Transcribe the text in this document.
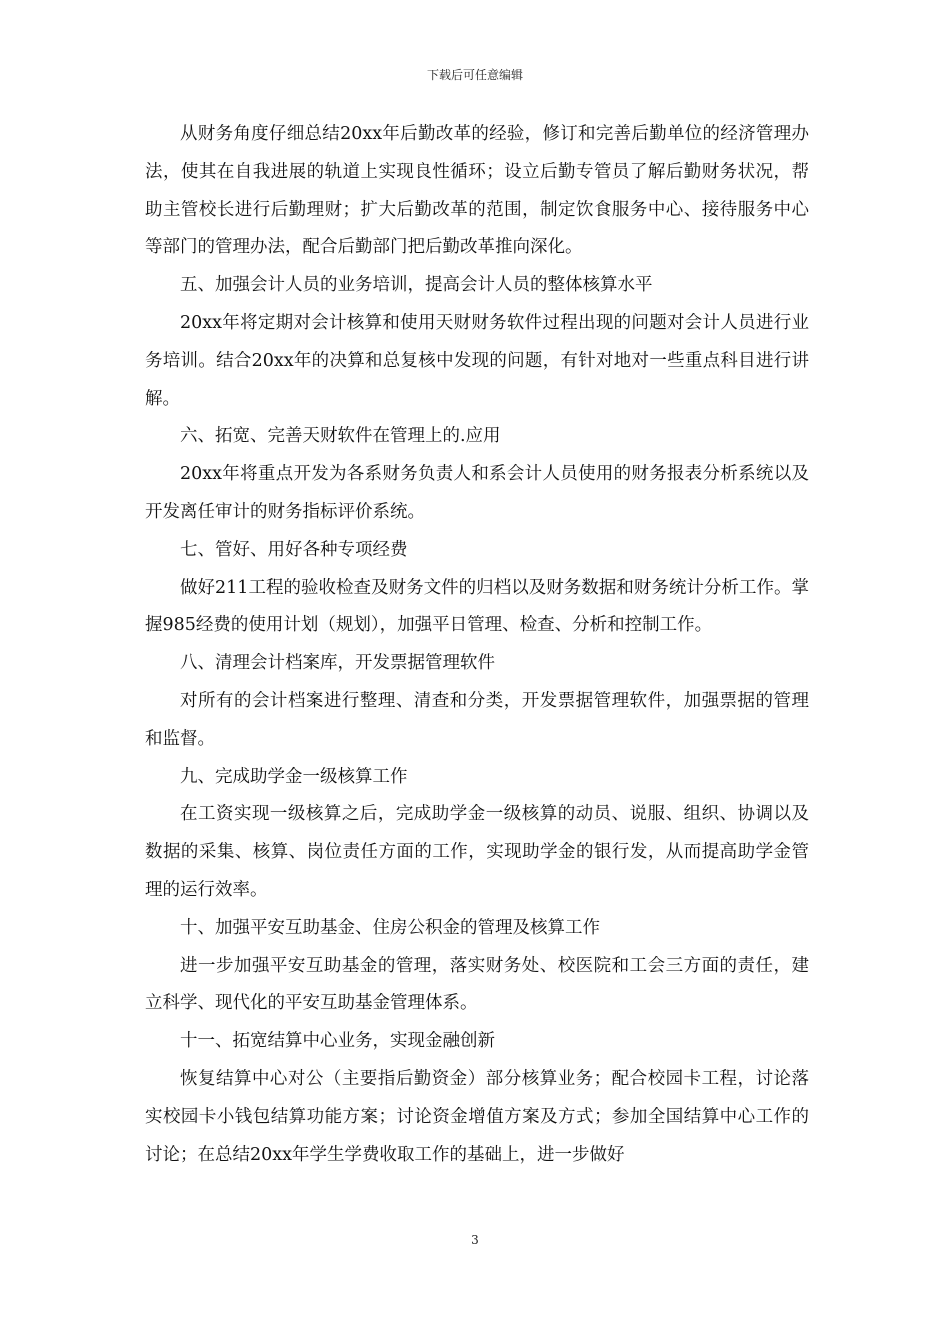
下载后可任意编辑

从财务角度仔细总结20xx年后勤改革的经验，修订和完善后勤单位的经济管理办法，使其在自我进展的轨道上实现良性循环；设立后勤专管员了解后勤财务状况，帮助主管校长进行后勤理财；扩大后勤改革的范围，制定饮食服务中心、接待服务中心等部门的管理办法，配合后勤部门把后勤改革推向深化。

五、加强会计人员的业务培训，提高会计人员的整体核算水平

20xx年将定期对会计核算和使用天财财务软件过程出现的问题对会计人员进行业务培训。结合20xx年的决算和总复核中发现的问题，有针对地对一些重点科目进行讲解。

六、拓宽、完善天财软件在管理上的.应用

20xx年将重点开发为各系财务负责人和系会计人员使用的财务报表分析系统以及开发离任审计的财务指标评价系统。

七、管好、用好各种专项经费

做好211工程的验收检查及财务文件的归档以及财务数据和财务统计分析工作。掌握985经费的使用计划（规划），加强平日管理、检查、分析和控制工作。

八、清理会计档案库，开发票据管理软件

对所有的会计档案进行整理、清查和分类，开发票据管理软件，加强票据的管理和监督。

九、完成助学金一级核算工作

在工资实现一级核算之后，完成助学金一级核算的动员、说服、组织、协调以及数据的采集、核算、岗位责任方面的工作，实现助学金的银行发，从而提高助学金管理的运行效率。

十、加强平安互助基金、住房公积金的管理及核算工作

进一步加强平安互助基金的管理，落实财务处、校医院和工会三方面的责任，建立科学、现代化的平安互助基金管理体系。

十一、拓宽结算中心业务，实现金融创新

恢复结算中心对公（主要指后勤资金）部分核算业务；配合校园卡工程，讨论落实校园卡小钱包结算功能方案；讨论资金增值方案及方式；参加全国结算中心工作的讨论；在总结20xx年学生学费收取工作的基础上，进一步做好

3
